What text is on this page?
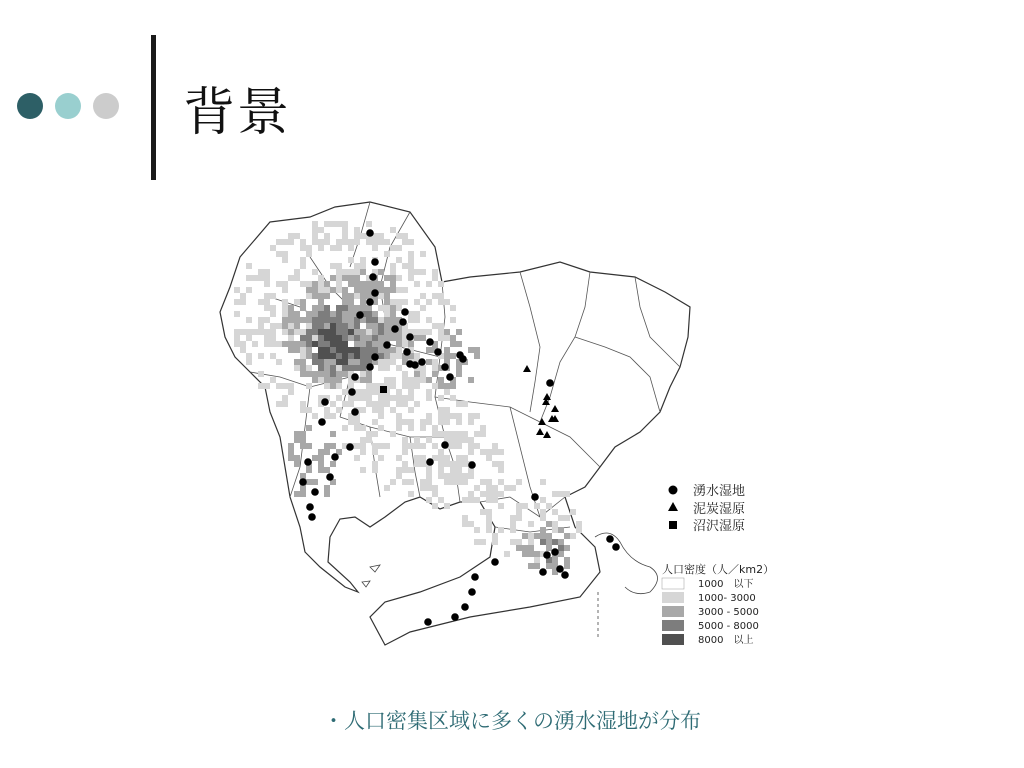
背景
湧水湿地
泥炭湿原
沼沢湿原
人口密度（人／km2）
1000　以下
1000- 3000
3000 - 5000
5000 - 8000
8000　以上
・人口密集区域に多くの湧水湿地が分布
